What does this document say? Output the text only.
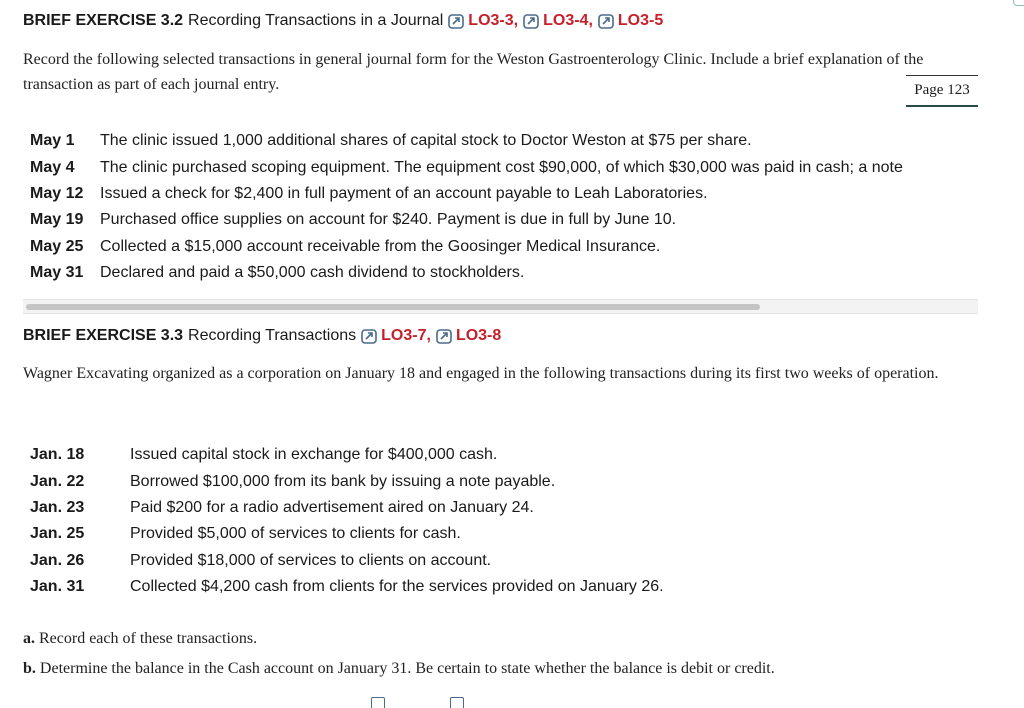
BRIEF EXERCISE 3.2 Recording Transactions in a Journal LO3-3 , LO3-4 , LO3-5
Record the following selected transactions in general journal form for the Weston Gastroenterology Clinic. Include a brief explanation of the transaction as part of each journal entry.	Page 123
May 1	The clinic issued 1,000 additional shares of capital stock to Doctor Weston at $75 per share.
May 4	The clinic purchased scoping equipment. The equipment cost $90,000, of which $30,000 was paid in cash; a note
May 12	Issued a check for $2,400 in full payment of an account payable to Leah Laboratories.
May 19	Purchased office supplies on account for $240. Payment is due in full by June 10.
May 25	Collected a $15,000 account receivable from the Goosinger Medical Insurance.
May 31	Declared and paid a $50,000 cash dividend to stockholders.
BRIEF EXERCISE 3.3 Recording Transactions LO3-7 , LO3-8
Wagner Excavating organized as a corporation on January 18 and engaged in the following transactions during its first two weeks of operation.
Jan. 18	Issued capital stock in exchange for $400,000 cash.
Jan. 22	Borrowed $100,000 from its bank by issuing a note payable.
Jan. 23	Paid $200 for a radio advertisement aired on January 24.
Jan. 25	Provided $5,000 of services to clients for cash.
Jan. 26	Provided $18,000 of services to clients on account.
Jan. 31	Collected $4,200 cash from clients for the services provided on January 26.
a. Record each of these transactions.
b. Determine the balance in the Cash account on January 31. Be certain to state whether the balance is debit or credit.
